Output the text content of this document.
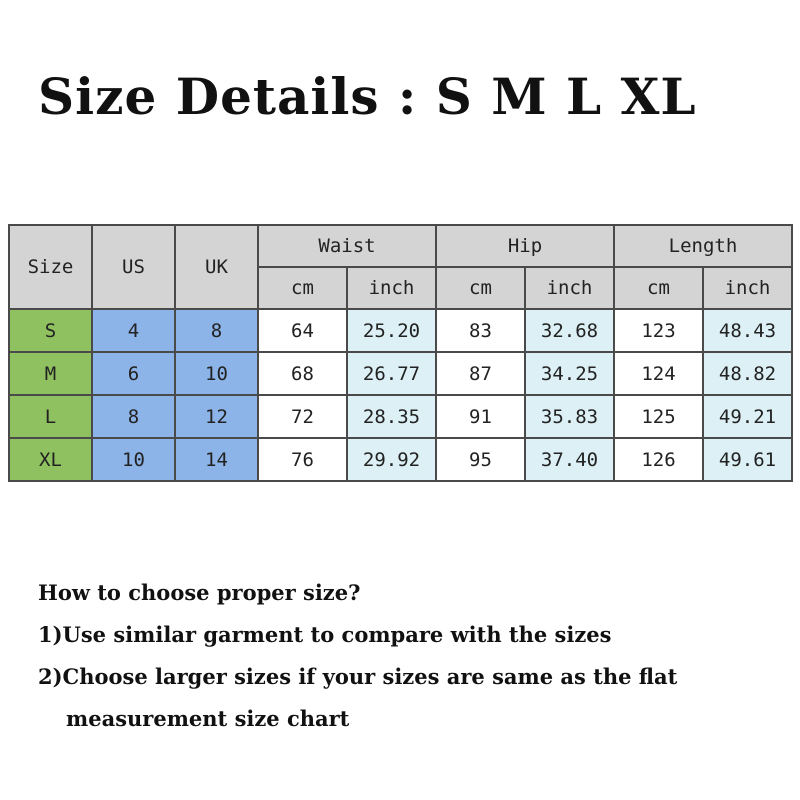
Size Details : S M L XL
Size	US	UK	Waist		Hip		Length	
			cm	inch	cm	inch	cm	inch
S	4	8	64	25.20	83	32.68	123	48.43
M	6	10	68	26.77	87	34.25	124	48.82
L	8	12	72	28.35	91	35.83	125	49.21
XL	10	14	76	29.92	95	37.40	126	49.61

How to choose proper size?

1)Use similar garment to compare with the sizes

2)Choose larger sizes if your sizes are same as the flat

measurement size chart
